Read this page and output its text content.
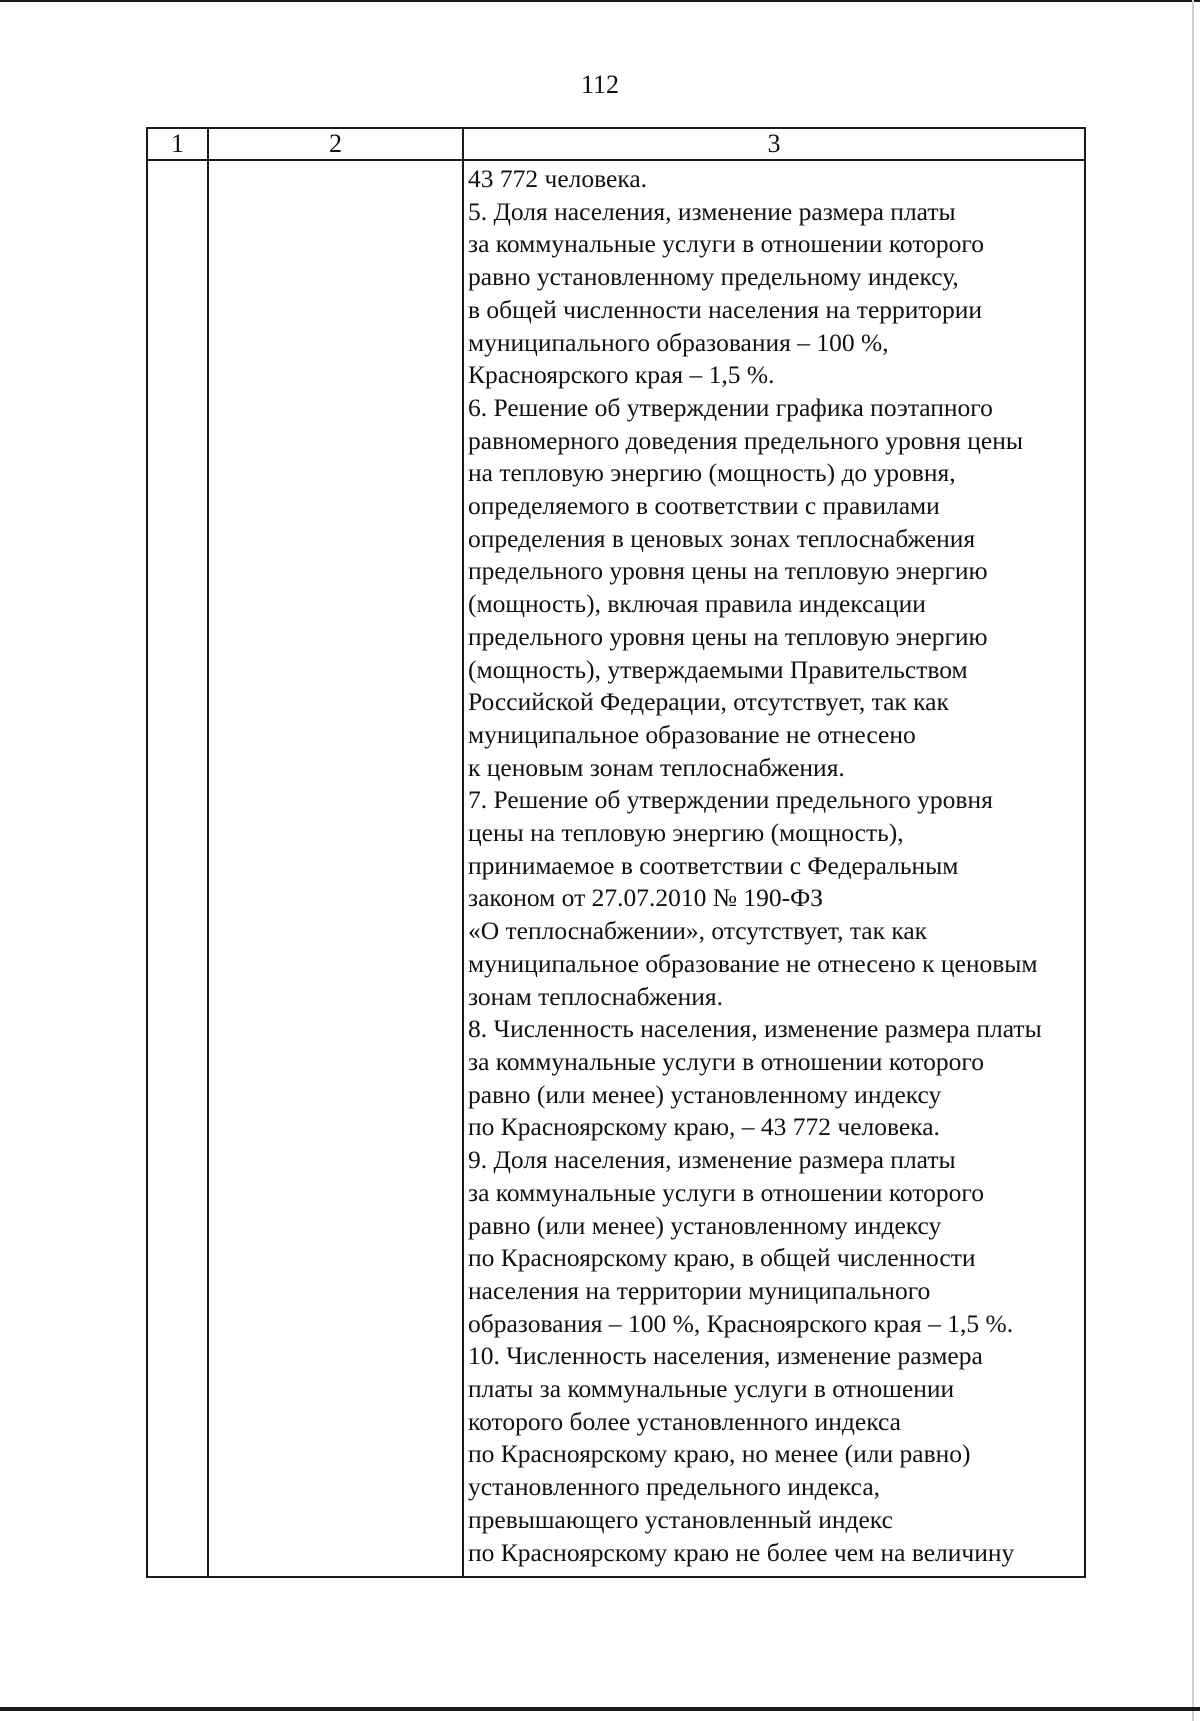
112
1	2	3
43 772 человека.
5. Доля населения, изменение размера платы
за коммунальные услуги в отношении которого
равно установленному предельному индексу,
в общей численности населения на территории
муниципального образования – 100 %,
Красноярского края – 1,5 %.
6. Решение об утверждении графика поэтапного
равномерного доведения предельного уровня цены
на тепловую энергию (мощность) до уровня,
определяемого в соответствии с правилами
определения в ценовых зонах теплоснабжения
предельного уровня цены на тепловую энергию
(мощность), включая правила индексации
предельного уровня цены на тепловую энергию
(мощность), утверждаемыми Правительством
Российской Федерации, отсутствует, так как
муниципальное образование не отнесено
к ценовым зонам теплоснабжения.
7. Решение об утверждении предельного уровня
цены на тепловую энергию (мощность),
принимаемое в соответствии с Федеральным
законом от 27.07.2010 № 190-ФЗ
«О теплоснабжении», отсутствует, так как
муниципальное образование не отнесено к ценовым
зонам теплоснабжения.
8. Численность населения, изменение размера платы
за коммунальные услуги в отношении которого
равно (или менее) установленному индексу
по Красноярскому краю, – 43 772 человека.
9. Доля населения, изменение размера платы
за коммунальные услуги в отношении которого
равно (или менее) установленному индексу
по Красноярскому краю, в общей численности
населения на территории муниципального
образования – 100 %, Красноярского края – 1,5 %.
10. Численность населения, изменение размера
платы за коммунальные услуги в отношении
которого более установленного индекса
по Красноярскому краю, но менее (или равно)
установленного предельного индекса,
превышающего установленный индекс
по Красноярскому краю не более чем на величину
